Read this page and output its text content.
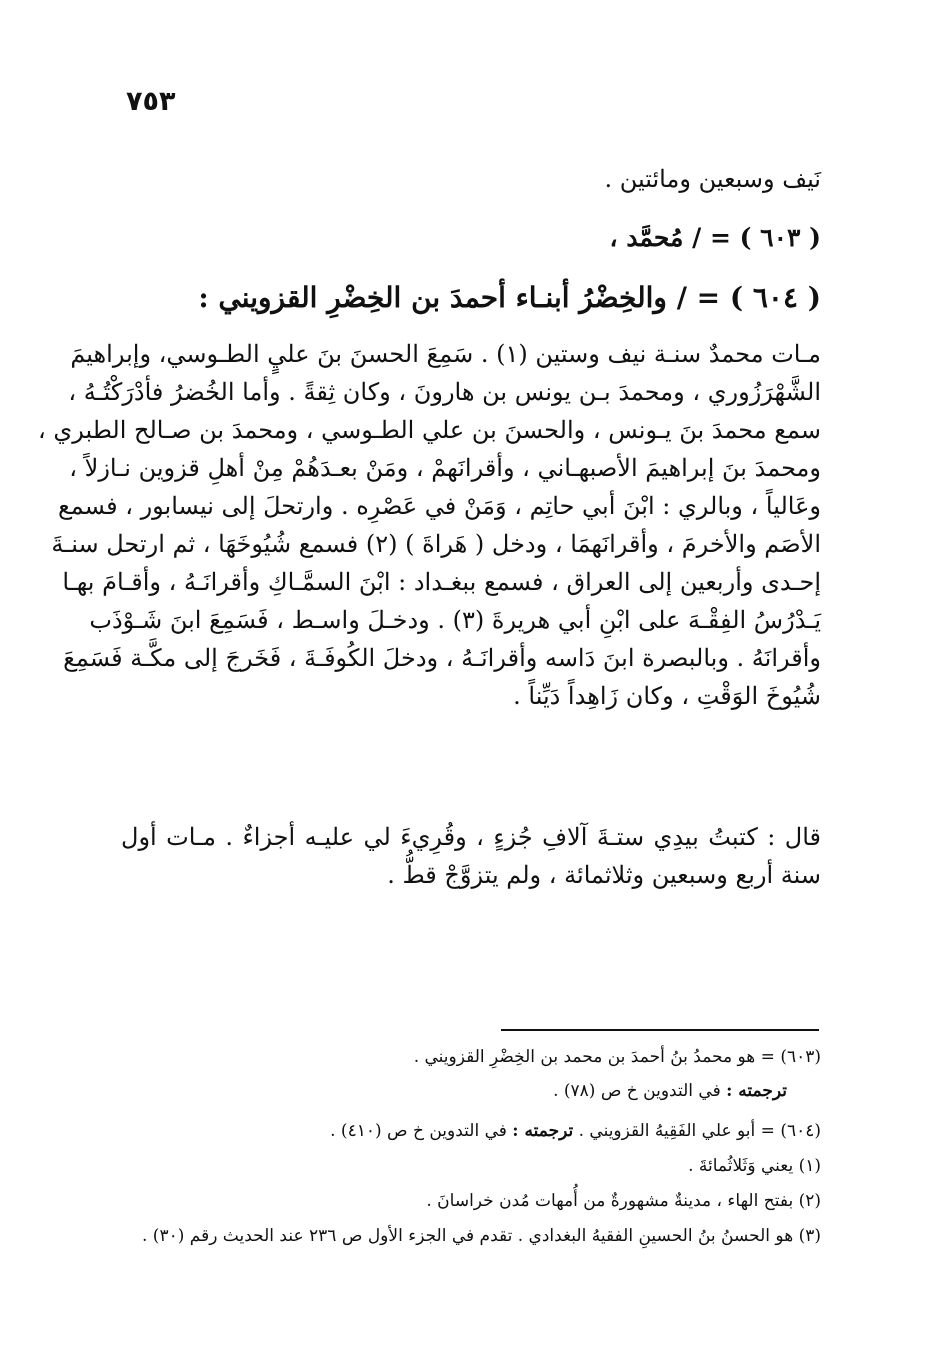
٧٥٣
نَيف وسبعين ومائتين .
( ٦٠٣ ) = / مُحمَّد ،
( ٦٠٤ ) = / والخِضْرُ أبنـاء أحمدَ بن الخِضْرِ القزويني :
مـات محمدٌ سنـة نيف وستين (١) . سَمِعَ الحسنَ بنَ عليٍ الطـوسي، وإبراهيمَ
الشَّهْرَزُوري ، ومحمدَ بـن يونس بن هارونَ ، وكان ثِقةً . وأما الخُضرُ فأدْرَكْتُـهُ ،
سمع محمدَ بنَ يـونس ، والحسنَ بن علي الطـوسي ، ومحمدَ بن صـالح الطبري ،
ومحمدَ بنَ إبراهيمَ الأصبهـاني ، وأقرانَهمْ ، ومَنْ بعـدَهُمْ مِنْ أهلِ قزوين نـازلاً ،
وعَالياً ، وبالري : ابْنَ أبي حاتِم ، وَمَنْ في عَصْرِه . وارتحلَ إلى نيسابور ، فسمع
الأصَم والأخرمَ ، وأقرانَهمَا ، ودخل ( هَراةَ ) (٢) فسمع شُيُوخَهَا ، ثم ارتحل سنـةَ
إحـدى وأربعين إلى العراق ، فسمع ببغـداد : ابْنَ السمَّـاكِ وأقرانَـهُ ، وأقـامَ بهـا
يَـدْرُسُ الفِقْـهَ على ابْنِ أبي هريرةَ (٣) . ودخـلَ واسـط ، فَسَمِعَ ابنَ شَـوْذَب
وأقرانَهُ . وبالبصرة ابنَ دَاسه وأقرانَـهُ ، ودخلَ الكُوفَـةَ ، فَخَرجَ إلى مكَّـة فَسَمِعَ
شُيُوخَ الوَقْتِ ، وكان زَاهِداً دَيِّناً .
قال : كتبتُ بيدِي ستـةَ آلافِ جُزءٍ ، وقُرِيءَ لي عليـه أجزاءٌ . مـات أول
سنة أربع وسبعين وثلاثمائة ، ولم يتزوَّجْ قطُّ .
(٦٠٣) = هو محمدُ بنُ أحمدَ بن محمد بن الخِضْرِ القزويني .
ترجمته : في التدوين خ ص (٧٨) .
(٦٠٤) = أبو علي الفَقِيهُ القزويني . ترجمته : في التدوين خ ص (٤١٠) .
(١) يعني وَثَلاثُمائةَ .
(٢) بفتح الهاء ، مدينةٌ مشهورةٌ من أُمهات مُدن خراسانَ .
(٣) هو الحسنُ بنُ الحسينِ الفقيهُ البغدادي . تقدم في الجزء الأول ص ٢٣٦ عند الحديث رقم (٣٠) .
